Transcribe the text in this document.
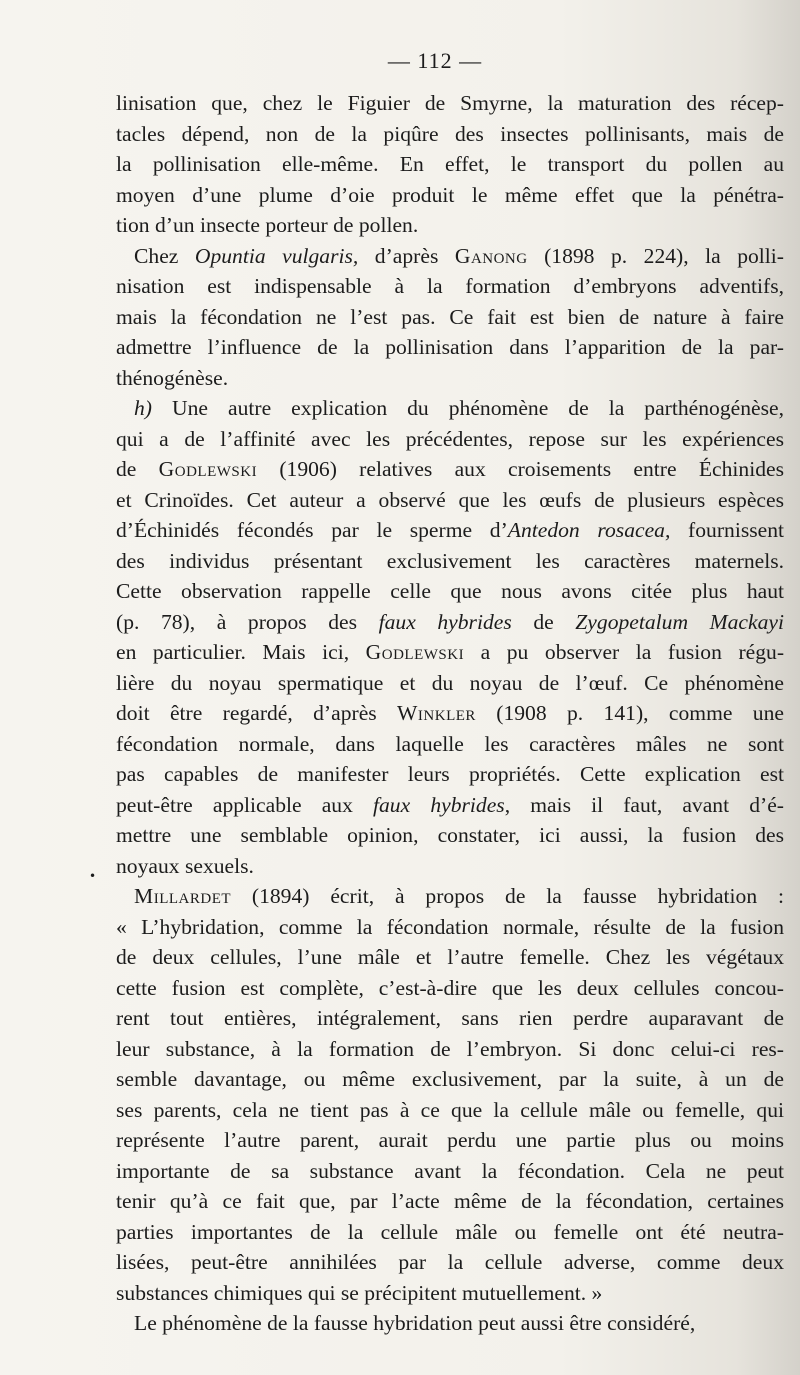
— 112 —
•
linisation que, chez le Figuier de Smyrne, la maturation des récep-
tacles dépend, non de la piqûre des insectes pollinisants, mais de
la pollinisation elle-même. En effet, le transport du pollen au
moyen d’une plume d’oie produit le même effet que la pénétra-
tion d’un insecte porteur de pollen.
Chez Opuntia vulgaris, d’après Ganong (1898 p. 224), la polli-
nisation est indispensable à la formation d’embryons adventifs,
mais la fécondation ne l’est pas. Ce fait est bien de nature à faire
admettre l’influence de la pollinisation dans l’apparition de la par-
thénogénèse.
h) Une autre explication du phénomène de la parthénogénèse,
qui a de l’affinité avec les précédentes, repose sur les expériences
de Godlewski (1906) relatives aux croisements entre Échinides
et Crinoïdes. Cet auteur a observé que les œufs de plusieurs espèces
d’Échinidés fécondés par le sperme d’Antedon rosacea, fournissent
des individus présentant exclusivement les caractères maternels.
Cette observation rappelle celle que nous avons citée plus haut
(p. 78), à propos des faux hybrides de Zygopetalum Mackayi
en particulier. Mais ici, Godlewski a pu observer la fusion régu-
lière du noyau spermatique et du noyau de l’œuf. Ce phénomène
doit être regardé, d’après Winkler (1908 p. 141), comme une
fécondation normale, dans laquelle les caractères mâles ne sont
pas capables de manifester leurs propriétés. Cette explication est
peut-être applicable aux faux hybrides, mais il faut, avant d’é-
mettre une semblable opinion, constater, ici aussi, la fusion des
noyaux sexuels.
Millardet (1894) écrit, à propos de la fausse hybridation :
« L’hybridation, comme la fécondation normale, résulte de la fusion
de deux cellules, l’une mâle et l’autre femelle. Chez les végétaux
cette fusion est complète, c’est-à-dire que les deux cellules concou-
rent tout entières, intégralement, sans rien perdre auparavant de
leur substance, à la formation de l’embryon. Si donc celui-ci res-
semble davantage, ou même exclusivement, par la suite, à un de
ses parents, cela ne tient pas à ce que la cellule mâle ou femelle, qui
représente l’autre parent, aurait perdu une partie plus ou moins
importante de sa substance avant la fécondation. Cela ne peut
tenir qu’à ce fait que, par l’acte même de la fécondation, certaines
parties importantes de la cellule mâle ou femelle ont été neutra-
lisées, peut-être annihilées par la cellule adverse, comme deux
substances chimiques qui se précipitent mutuellement. »
Le phénomène de la fausse hybridation peut aussi être considéré,
